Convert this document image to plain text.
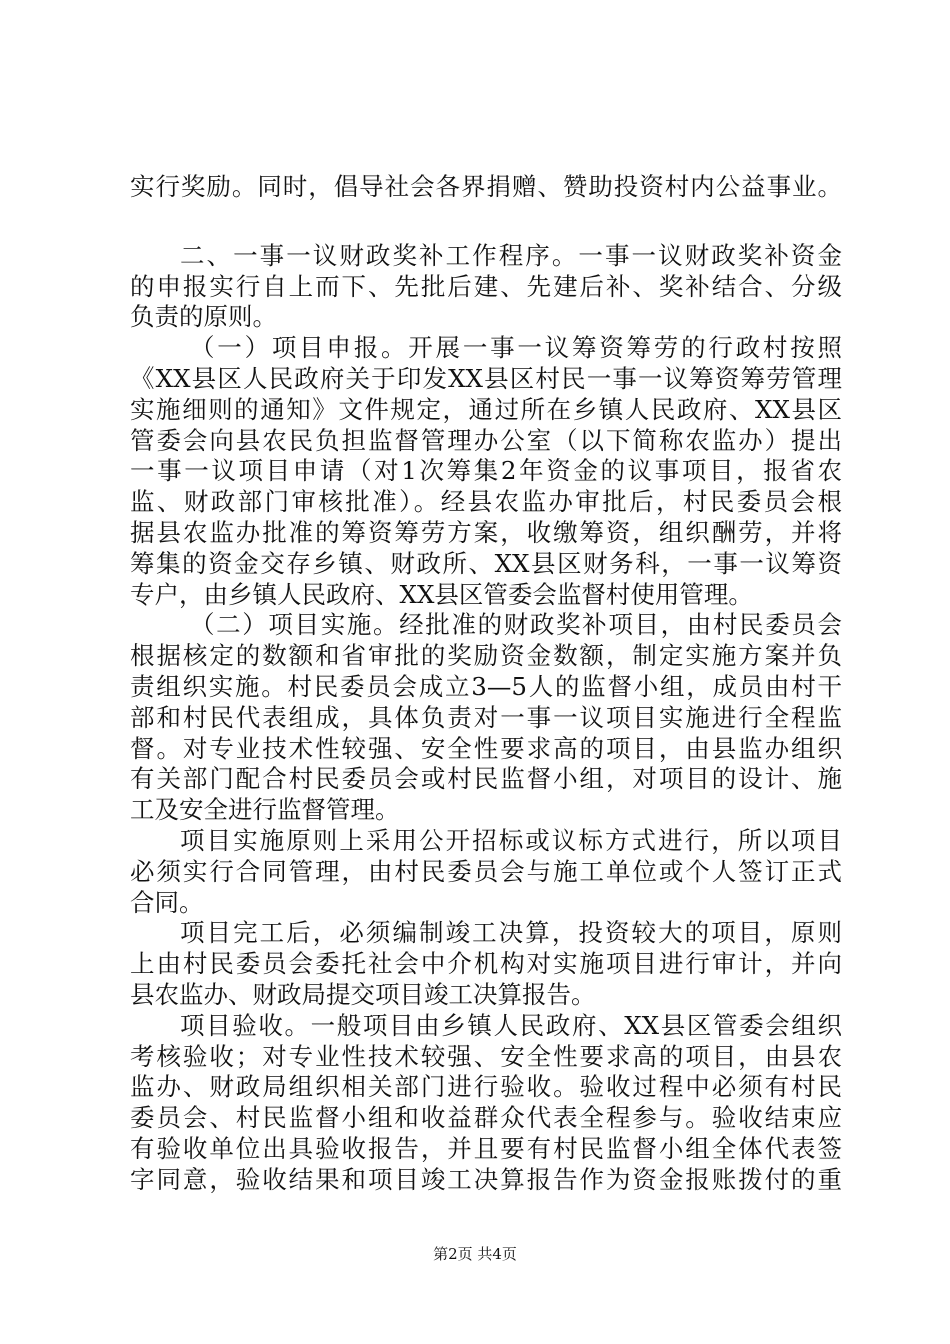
实行奖励。同时，倡导社会各界捐赠、赞助投资村内公益事业。
二、一事一议财政奖补工作程序。一事一议财政奖补资金
的申报实行自上而下、先批后建、先建后补、奖补结合、分级
负责的原则。
（一）项目申报。开展一事一议筹资筹劳的行政村按照
《XX县区人民政府关于印发XX县区村民一事一议筹资筹劳管理
实施细则的通知》文件规定，通过所在乡镇人民政府、XX县区
管委会向县农民负担监督管理办公室（以下简称农监办）提出
一事一议项目申请（对1次筹集2年资金的议事项目，报省农
监、财政部门审核批准）。经县农监办审批后，村民委员会根
据县农监办批准的筹资筹劳方案，收缴筹资，组织酬劳，并将
筹集的资金交存乡镇、财政所、XX县区财务科，一事一议筹资
专户，由乡镇人民政府、XX县区管委会监督村使用管理。
（二）项目实施。经批准的财政奖补项目，由村民委员会
根据核定的数额和省审批的奖励资金数额，制定实施方案并负
责组织实施。村民委员会成立3—5人的监督小组，成员由村干
部和村民代表组成，具体负责对一事一议项目实施进行全程监
督。对专业技术性较强、安全性要求高的项目，由县监办组织
有关部门配合村民委员会或村民监督小组，对项目的设计、施
工及安全进行监督管理。
项目实施原则上采用公开招标或议标方式进行，所以项目
必须实行合同管理，由村民委员会与施工单位或个人签订正式
合同。
项目完工后，必须编制竣工决算，投资较大的项目，原则
上由村民委员会委托社会中介机构对实施项目进行审计，并向
县农监办、财政局提交项目竣工决算报告。
项目验收。一般项目由乡镇人民政府、XX县区管委会组织
考核验收；对专业性技术较强、安全性要求高的项目，由县农
监办、财政局组织相关部门进行验收。验收过程中必须有村民
委员会、村民监督小组和收益群众代表全程参与。验收结束应
有验收单位出具验收报告，并且要有村民监督小组全体代表签
字同意，验收结果和项目竣工决算报告作为资金报账拨付的重
第2页 共4页
